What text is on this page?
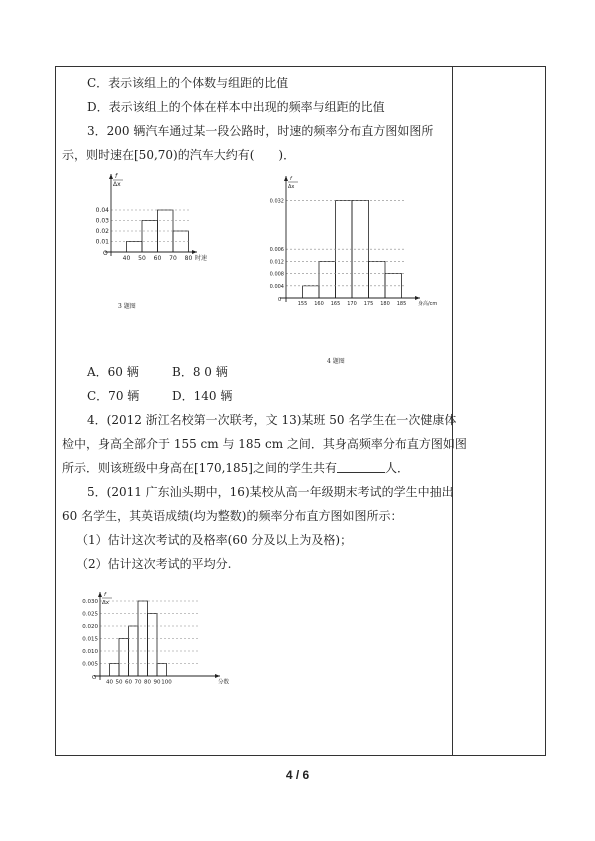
C．表示该组上的个体数与组距的比值
D．表示该组上的个体在样本中出现的频率与组距的比值
3．200 辆汽车通过某一段公路时，时速的频率分布直方图如图所
示，则时速在[50,70)的汽车大约有(　　)．
0.04
0.03
0.02
0.01
40 50 60 70 80
O
时速
f
Δx
3 题图
0.032
0.006
0.012
0.008
0.004
155 160 165 170 175 180 185
0
身高/cm
f
Δx
4 题图
A．60 辆	B．8 0 辆
C．70 辆	D．140 辆
4．(2012 浙江名校第一次联考，文 13)某班 50 名学生在一次健康体
检中，身高全部介于 155 cm 与 185 cm 之间．其身高频率分布直方图如图
所示．则该班级中身高在[170,185]之间的学生共有	人．
5．(2011 广东汕头期中，16)某校从高一年级期末考试的学生中抽出
60 名学生，其英语成绩(均为整数)的频率分布直方图如图所示：
（1）估计这次考试的及格率(60 分及以上为及格)；
（2）估计这次考试的平均分.
0.030
0.025
0.020
0.015
0.010
0.005
40 50 60 70 80 90 100
O
分数
f
Δx
4 / 6
